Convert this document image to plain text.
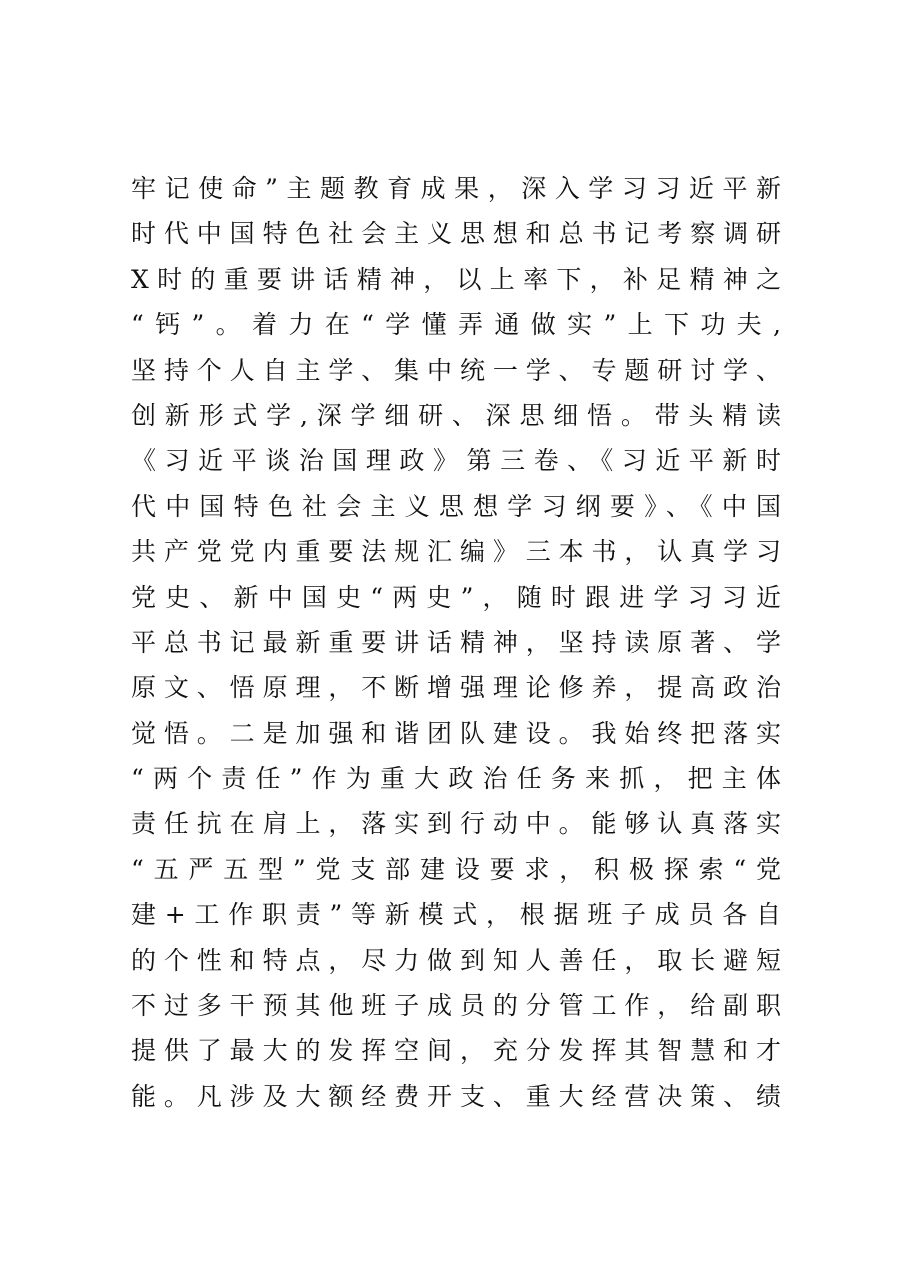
牢记使命”主题教育成果，深入学习习近平新
时代中国特色社会主义思想和总书记考察调研
X时的重要讲话精神，以上率下，补足精神之
“钙”。着力在“学懂弄通做实”上下功夫,
坚持个人自主学、集中统一学、专题研讨学、
创新形式学,深学细研、深思细悟。带头精读
《习近平谈治国理政》第三卷、《习近平新时
代中国特色社会主义思想学习纲要》、《中国
共产党党内重要法规汇编》三本书，认真学习
党史、新中国史“两史”，随时跟进学习习近
平总书记最新重要讲话精神，坚持读原著、学
原文、悟原理，不断增强理论修养，提高政治
觉悟。二是加强和谐团队建设。我始终把落实
“两个责任”作为重大政治任务来抓，把主体
责任抗在肩上，落实到行动中。能够认真落实
“五严五型”党支部建设要求，积极探索“党
建+工作职责”等新模式，根据班子成员各自
的个性和特点，尽力做到知人善任，取长避短
不过多干预其他班子成员的分管工作，给副职
提供了最大的发挥空间，充分发挥其智慧和才
能。凡涉及大额经费开支、重大经营决策、绩
